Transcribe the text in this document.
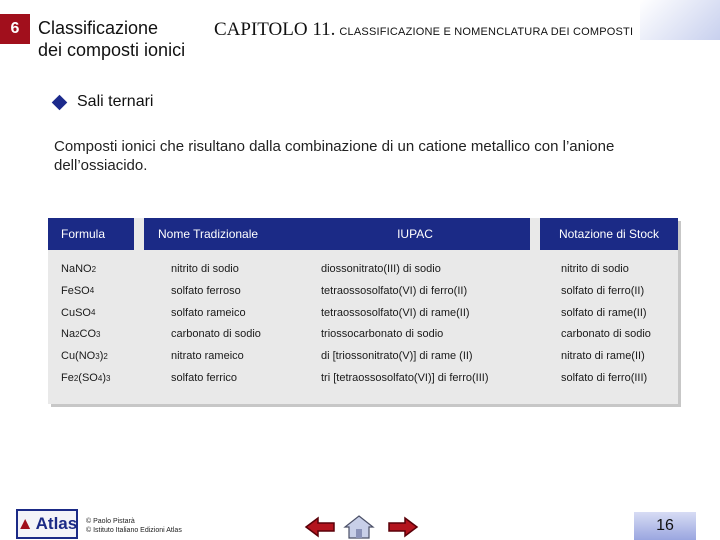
6	Classificazione
dei composti ionici
CAPITOLO 11. CLASSIFICAZIONE E NOMENCLATURA DEI COMPOSTI
Sali ternari
Composti ionici che risultano dalla combinazione di un catione metallico con l’anione dell’ossiacido.
Formula	Nome Tradizionale	IUPAC	Notazione di Stock
Na NO 2	nitrito di sodio	diossonitrato(III) di sodio	nitrito di sodio
Fe SO 4	solfato ferroso	tetraossosolfato(VI) di ferro(II)	solfato di ferro(II)
Cu SO 4	solfato rameico	tetraossosolfato(VI) di rame(II)	solfato di rame(II)
Na 2 CO 3	carbonato di sodio	triossocarbonato di sodio	carbonato di sodio
Cu(NO 3 ) 2	nitrato rameico	di [triossonitrato(V)] di rame (II)	nitrato di rame(II)
Fe 2 (SO 4 ) 3	solfato ferrico	tri [tetraossosolfato(VI)] di ferro(III)	solfato di ferro(III)
▲ Atlas © Paolo Pistarà
© Istituto Italiano Edizioni Atlas	16
